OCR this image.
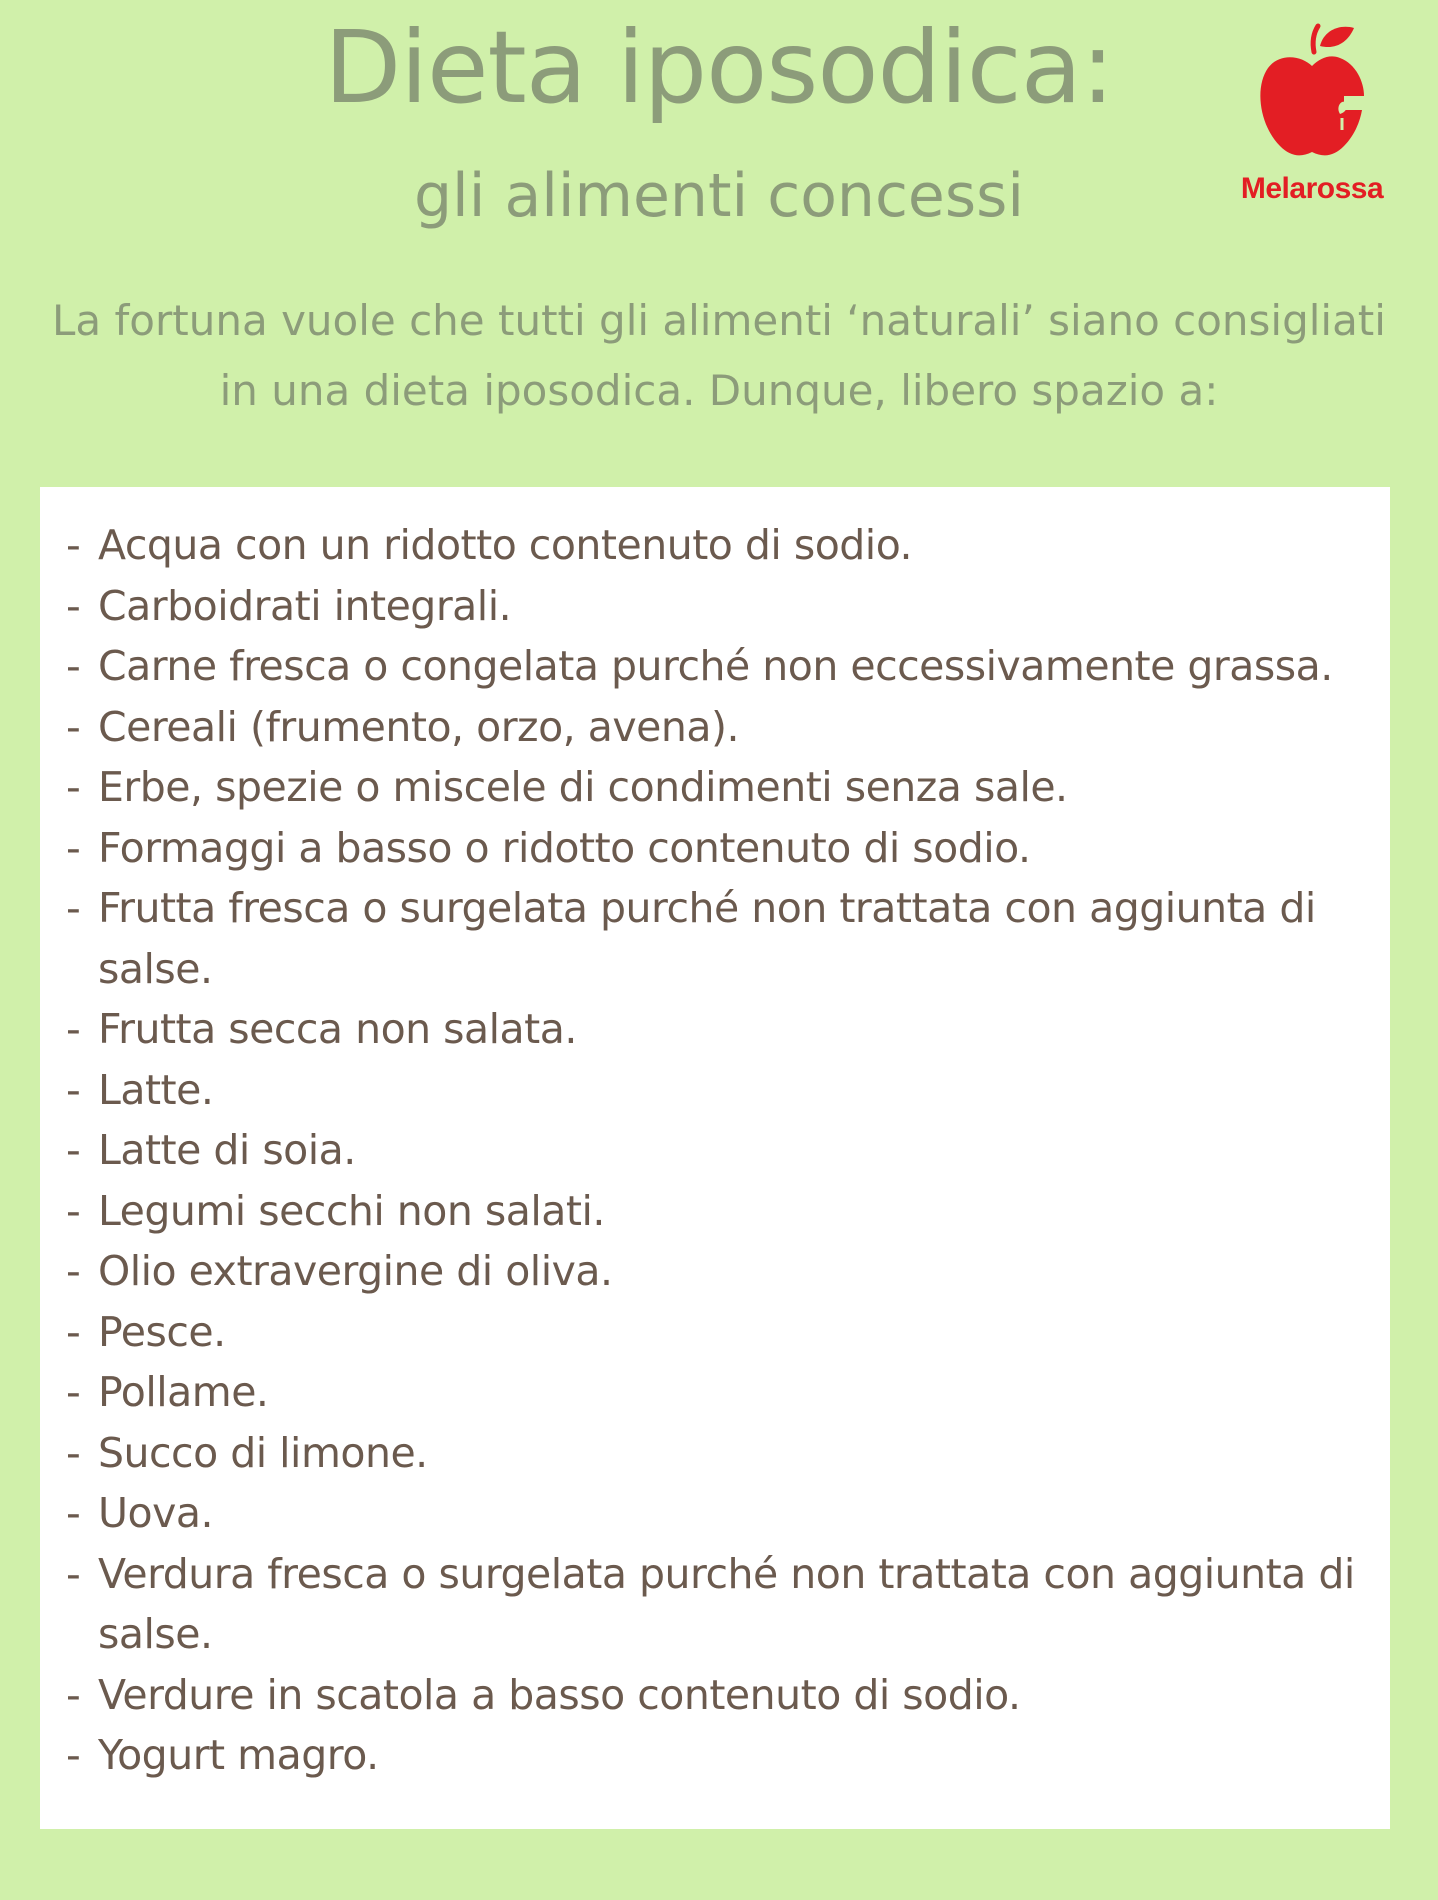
Dieta iposodica:
gli alimenti concessi

La fortuna vuole che tutti gli alimenti ‘naturali’ siano consigliati in una dieta iposodica. Dunque, libero spazio a:

Melarossa
- Acqua con un ridotto contenuto di sodio.
- Carboidrati integrali.
- Carne fresca o congelata purché non eccessivamente grassa.
- Cereali (frumento, orzo, avena).
- Erbe, spezie o miscele di condimenti senza sale.
- Formaggi a basso o ridotto contenuto di sodio.
- Frutta fresca o surgelata purché non trattata con aggiunta di salse.
- Frutta secca non salata.
- Latte.
- Latte di soia.
- Legumi secchi non salati.
- Olio extravergine di oliva.
- Pesce.
- Pollame.
- Succo di limone.
- Uova.
- Verdura fresca o surgelata purché non trattata con aggiunta di salse.
- Verdure in scatola a basso contenuto di sodio.
- Yogurt magro.
